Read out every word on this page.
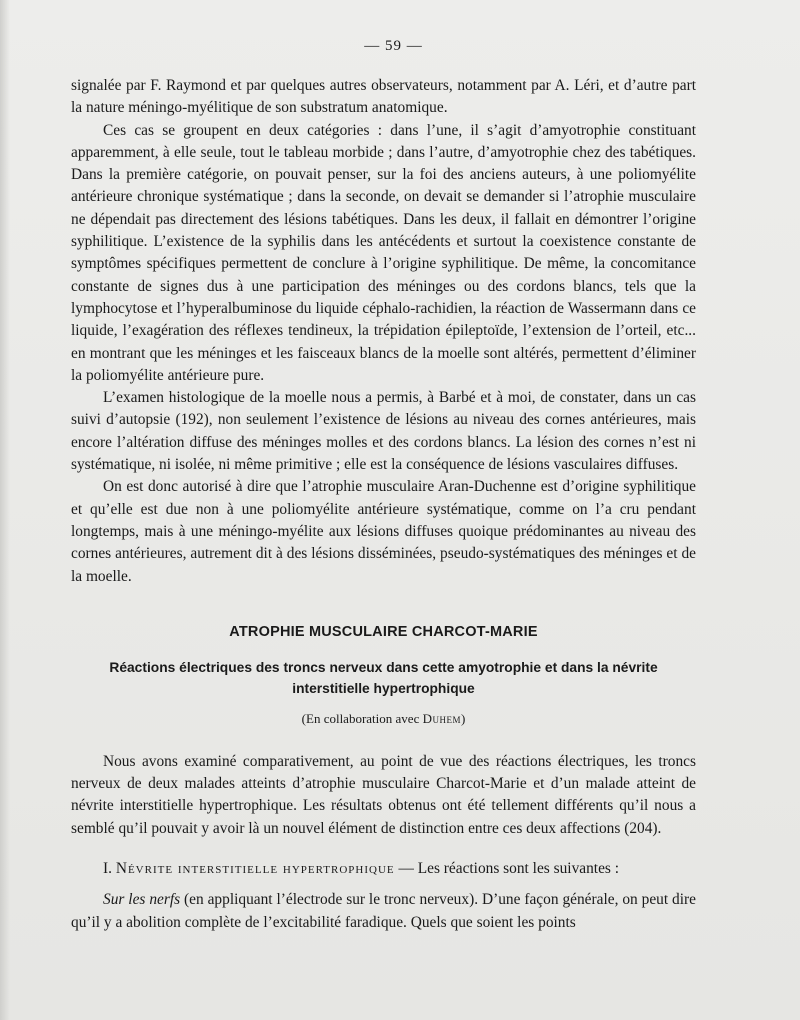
— 59 —

signalée par F. Raymond et par quelques autres observateurs, notamment par A. Léri, et d’autre part la nature méningo-myélitique de son substratum anatomique.

Ces cas se groupent en deux catégories : dans l’une, il s’agit d’amyotrophie constituant apparemment, à elle seule, tout le tableau morbide ; dans l’autre, d’amyotrophie chez des tabétiques. Dans la première catégorie, on pouvait penser, sur la foi des anciens auteurs, à une poliomyélite antérieure chronique systématique ; dans la seconde, on devait se demander si l’atrophie musculaire ne dépendait pas directement des lésions tabétiques. Dans les deux, il fallait en démontrer l’origine syphilitique. L’existence de la syphilis dans les antécédents et surtout la coexistence constante de symptômes spécifiques permettent de conclure à l’origine syphilitique. De même, la concomitance constante de signes dus à une participation des méninges ou des cordons blancs, tels que la lymphocytose et l’hyperalbuminose du liquide céphalo-rachidien, la réaction de Wassermann dans ce liquide, l’exagération des réflexes tendineux, la trépidation épileptoïde, l’extension de l’orteil, etc... en montrant que les méninges et les faisceaux blancs de la moelle sont altérés, permettent d’éliminer la poliomyélite antérieure pure.

L’examen histologique de la moelle nous a permis, à Barbé et à moi, de constater, dans un cas suivi d’autopsie (192), non seulement l’existence de lésions au niveau des cornes antérieures, mais encore l’altération diffuse des méninges molles et des cordons blancs. La lésion des cornes n’est ni systématique, ni isolée, ni même primitive ; elle est la conséquence de lésions vasculaires diffuses.

On est donc autorisé à dire que l’atrophie musculaire Aran-Duchenne est d’origine syphilitique et qu’elle est due non à une poliomyélite antérieure systématique, comme on l’a cru pendant longtemps, mais à une méningo-myélite aux lésions diffuses quoique prédominantes au niveau des cornes antérieures, autrement dit à des lésions disséminées, pseudo-systématiques des méninges et de la moelle.

ATROPHIE MUSCULAIRE CHARCOT-MARIE
Réactions électriques des troncs nerveux dans cette amyotrophie et dans la névrite interstitielle hypertrophique
(En collaboration avec Duhem)

Nous avons examiné comparativement, au point de vue des réactions électriques, les troncs nerveux de deux malades atteints d’atrophie musculaire Charcot-Marie et d’un malade atteint de névrite interstitielle hypertrophique. Les résultats obtenus ont été tellement différents qu’il nous a semblé qu’il pouvait y avoir là un nouvel élément de distinction entre ces deux affections (204).

I. Névrite interstitielle hypertrophique — Les réactions sont les suivantes :

Sur les nerfs (en appliquant l’électrode sur le tronc nerveux). D’une façon générale, on peut dire qu’il y a abolition complète de l’excitabilité faradique. Quels que soient les points
